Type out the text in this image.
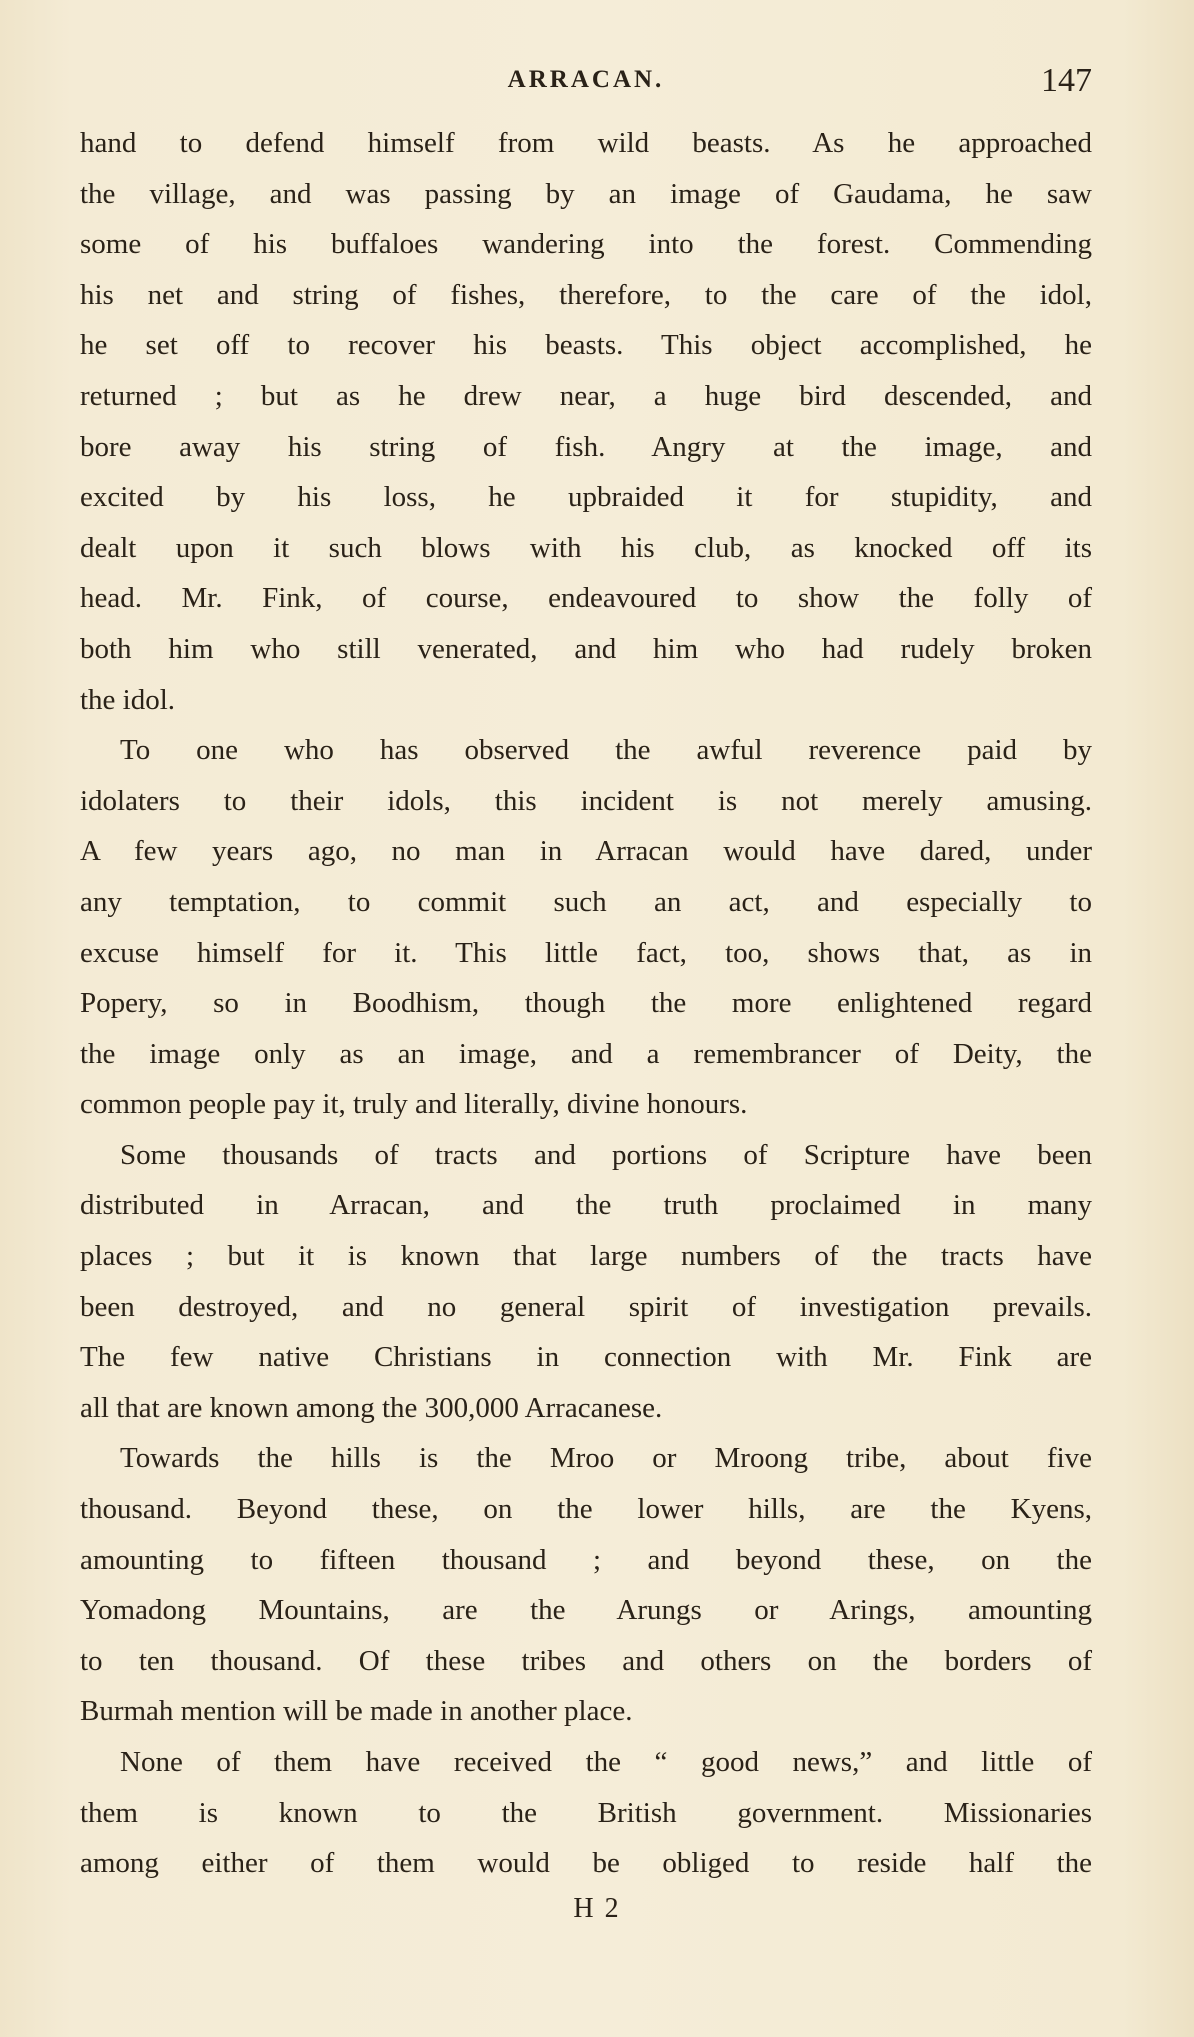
ARRACAN.	147

hand to defend himself from wild beasts. As he approached
the village, and was passing by an image of Gaudama, he saw
some of his buffaloes wandering into the forest. Commending
his net and string of fishes, therefore, to the care of the idol,
he set off to recover his beasts. This object accomplished, he
returned ; but as he drew near, a huge bird descended, and
bore away his string of fish. Angry at the image, and
excited by his loss, he upbraided it for stupidity, and
dealt upon it such blows with his club, as knocked off its
head. Mr. Fink, of course, endeavoured to show the folly of
both him who still venerated, and him who had rudely broken
the idol.

To one who has observed the awful reverence paid by
idolaters to their idols, this incident is not merely amusing.
A few years ago, no man in Arracan would have dared, under
any temptation, to commit such an act, and especially to
excuse himself for it. This little fact, too, shows that, as in
Popery, so in Boodhism, though the more enlightened regard
the image only as an image, and a remembrancer of Deity, the
common people pay it, truly and literally, divine honours.

Some thousands of tracts and portions of Scripture have been
distributed in Arracan, and the truth proclaimed in many
places ; but it is known that large numbers of the tracts have
been destroyed, and no general spirit of investigation prevails.
The few native Christians in connection with Mr. Fink are
all that are known among the 300,000 Arracanese.

Towards the hills is the Mroo or Mroong tribe, about five
thousand. Beyond these, on the lower hills, are the Kyens,
amounting to fifteen thousand ; and beyond these, on the
Yomadong Mountains, are the Arungs or Arings, amounting
to ten thousand. Of these tribes and others on the borders of
Burmah mention will be made in another place.

None of them have received the “ good news,” and little of
them is known to the British government. Missionaries
among either of them would be obliged to reside half the

H 2
